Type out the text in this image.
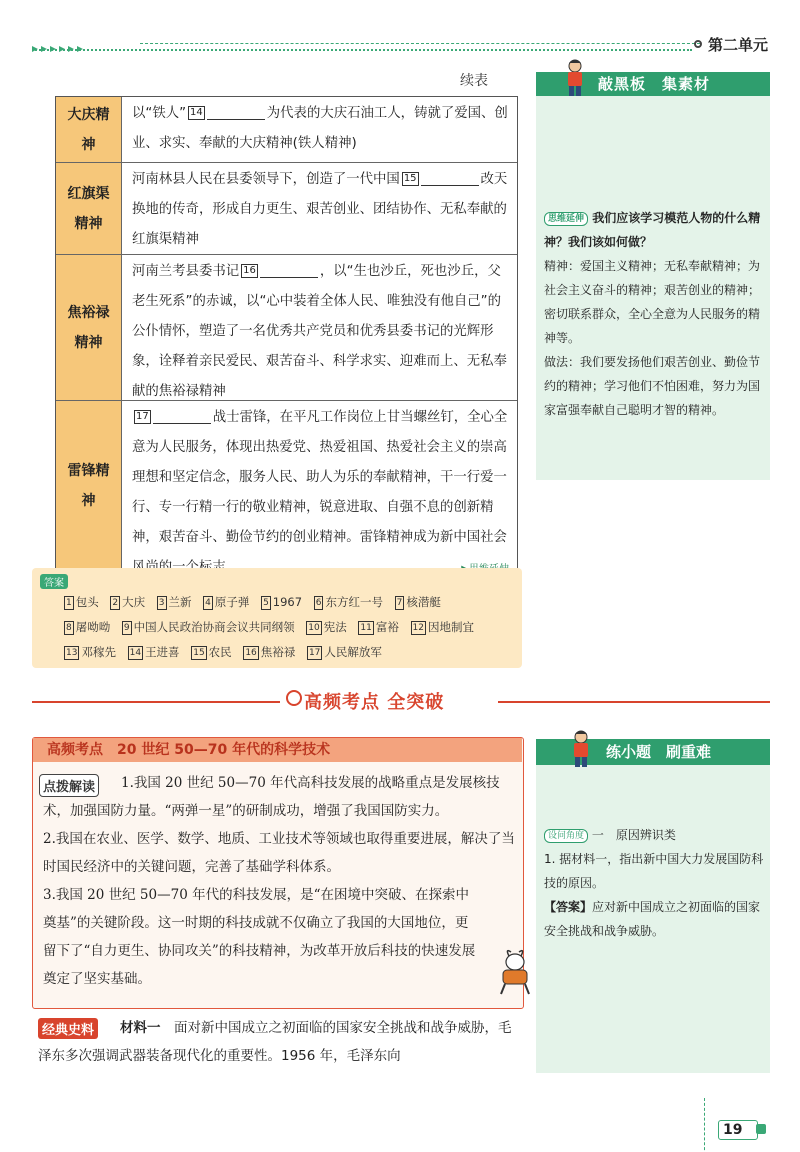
第二单元
续表
大庆精神
以“铁人” 14	为代表的大庆石油工人，铸就了爱国、创业、求实、奉献的大庆精神(铁人精神)
红旗渠精神
河南林县人民在县委领导下，创造了一代中国 15	改天换地的传奇，形成自力更生、艰苦创业、团结协作、无私奉献的红旗渠精神
焦裕禄精神
河南兰考县委书记 16	，以“生也沙丘，死也沙丘，父老生死系”的赤诚，以“心中装着全体人民、唯独没有他自己”的公仆情怀，塑造了一名优秀共产党员和优秀县委书记的光辉形象，诠释着亲民爱民、艰苦奋斗、科学求实、迎难而上、无私奉献的焦裕禄精神
雷锋精神
17	战士雷锋，在平凡工作岗位上甘当螺丝钉，全心全意为人民服务，体现出热爱党、热爱祖国、热爱社会主义的崇高理想和坚定信念，服务人民、助人为乐的奉献精神，干一行爱一行、专一行精一行的敬业精神，锐意进取、自强不息的创新精神，艰苦奋斗、勤俭节约的创业精神。雷锋精神成为新中国社会
答案
1 包头 2 大庆 3 兰新 4 原子弹 5 1967 6 东方红一号 7 核潜艇
8 屠呦呦 9 中国人民政治协商会议共同纲领 10 宪法 11 富裕 12 因地制宜
13 邓稼先 14 王进喜 15 农民 16 焦裕禄 17 人民解放军
敲黑板　集素材

思维延伸 我们应该学习模范人物的什么精神？我们该如何做？

精神：爱国主义精神；无私奉献精神；为社会主义奋斗的精神；艰苦创业的精神；密切联系群众，全心全意为人民服务的精神等。

做法：我们要发扬他们艰苦创业、勤俭节约的精神；学习他们不怕困难，努力为国家富强奉献自己聪明才智的精神。

高频考点 全突破
高频考点 20 世纪 50—70 年代的科学技术
点拨解读	1.我国 20 世纪 50—70 年代高科技发展的战略重点是发展核技术，加强国防力量。“两弹一星”的研制成功，增强了我国国防实力。

2.我国在农业、医学、数学、地质、工业技术等领域也取得重要进展，解决了当时国民经济中的关键问题，完善了基础学科体系。

3.我国 20 世纪 50—70 年代的科技发展，是“在困境中突破、在探索中奠基”的关键阶段。这一时期的科技成就不仅确立了我国的大国地位，更留下了“自力更生、协同攻关”的科技精神，为改革开放后科技的快速发展奠定了坚实基础。

材料一　 面对新中国成立之初面临的国家安全挑战和战争威胁，毛泽东多次强调武器装备现代化的重要性。1956 年，毛泽东向

经典史料
练小题　刷重难

设问角度 一　原因辨识类

1. 据材料一，指出新中国大力发展国防科技的原因。

【答案】应对新中国成立之初面临的国家安全挑战和战争威胁。

19
